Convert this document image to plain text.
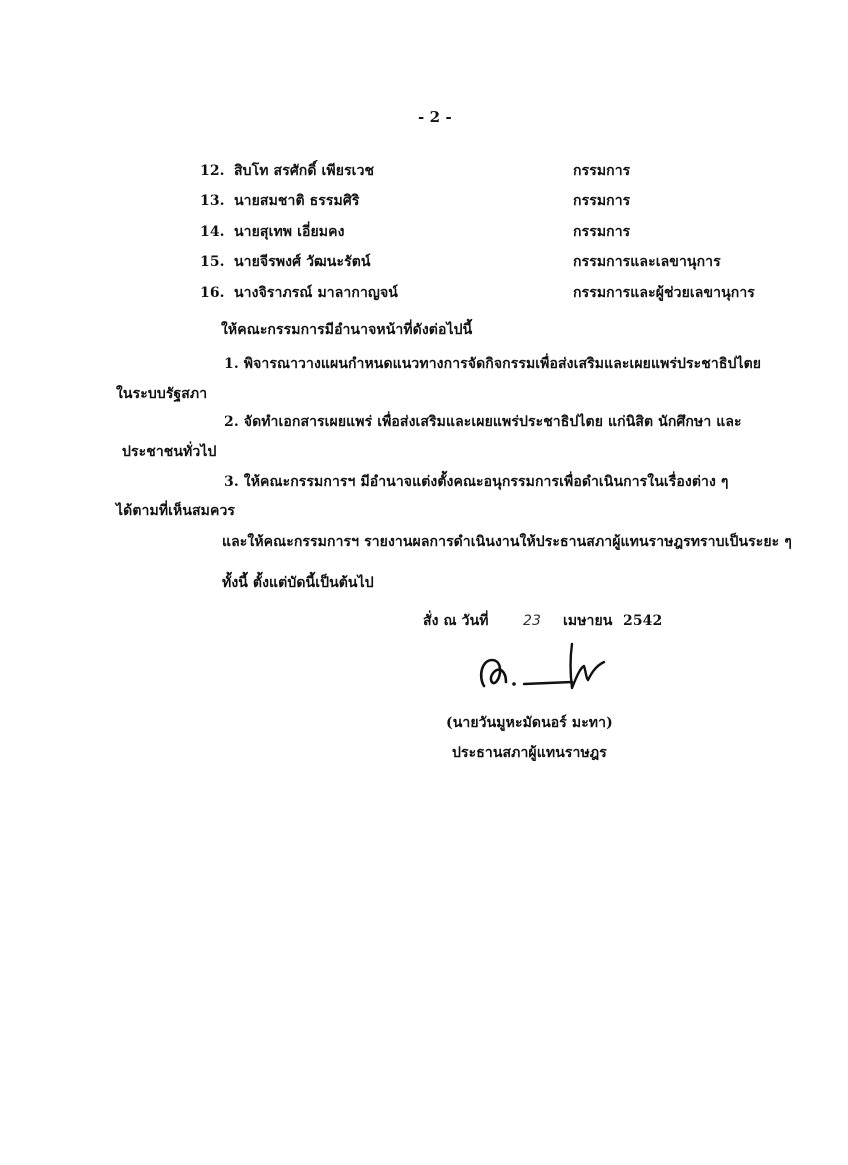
- 2 -
12. สิบโท สรศักดิ์ เพียรเวช	กรรมการ
13. นายสมชาติ ธรรมศิริ	กรรมการ
14. นายสุเทพ เอี่ยมคง	กรรมการ
15. นายจีรพงศ์ วัฒนะรัตน์	กรรมการและเลขานุการ
16. นางจิราภรณ์ มาลากาญจน์	กรรมการและผู้ช่วยเลขานุการ
ให้คณะกรรมการมีอำนาจหน้าที่ดังต่อไปนี้
1. พิจารณาวางแผนกำหนดแนวทางการจัดกิจกรรมเพื่อส่งเสริมและเผยแพร่ประชาธิปไตย
ในระบบรัฐสภา
2. จัดทำเอกสารเผยแพร่ เพื่อส่งเสริมและเผยแพร่ประชาธิปไตย แก่นิสิต นักศึกษา และ
ประชาชนทั่วไป
3. ให้คณะกรรมการฯ มีอำนาจแต่งตั้งคณะอนุกรรมการเพื่อดำเนินการในเรื่องต่าง ๆ
ได้ตามที่เห็นสมควร
และให้คณะกรรมการฯ รายงานผลการดำเนินงานให้ประธานสภาผู้แทนราษฎรทราบเป็นระยะ ๆ
ทั้งนี้ ตั้งแต่บัดนี้เป็นต้นไป
สั่ง ณ วันที่ 23 เมษายน 2542
(นายวันมูหะมัดนอร์ มะทา)
ประธานสภาผู้แทนราษฎร
